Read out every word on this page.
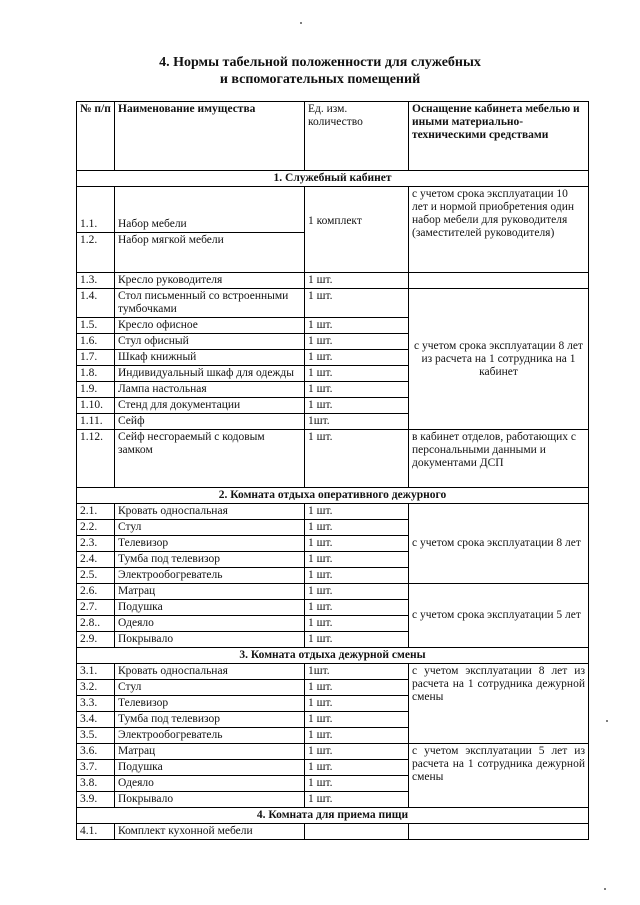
4. Нормы табельной положенности для служебных
и вспомогательных помещений
№ п/п	Наименование имущества	Ед. изм. количество	Оснащение кабинета мебелью и иными материально-техническими средствами
1. Служебный кабинет			
1.1.	Набор мебели	1 комплект	с учетом срока эксплуатации 10 лет и нормой приобретения один набор мебели для руководителя (заместителей руководителя)
1.2.	Набор мягкой мебели		
1.3.	Кресло руководителя	1 шт.	
1.4.	Стол письменный со встроенными тумбочками	1 шт.	с учетом срока эксплуатации 8 лет из расчета на 1 сотрудника на 1 кабинет
1.5.	Кресло офисное	1 шт.	
1.6.	Стул офисный	1 шт.	
1.7.	Шкаф книжный	1 шт.	
1.8.	Индивидуальный шкаф для одежды	1 шт.	
1.9.	Лампа настольная	1 шт.	
1.10.	Стенд для документации	1 шт.	
1.11.	Сейф	1шт.	
1.12.	Сейф несгораемый с кодовым замком	1 шт.	в кабинет отделов, работающих с персональными данными и документами ДСП
2. Комната отдыха оперативного дежурного			
2.1.	Кровать односпальная	1 шт.	с учетом срока эксплуатации 8 лет
2.2.	Стул	1 шт.	
2.3.	Телевизор	1 шт.	
2.4.	Тумба под телевизор	1 шт.	
2.5.	Электрообогреватель	1 шт.	
2.6.	Матрац	1 шт.	с учетом срока эксплуатации 5 лет
2.7.	Подушка	1 шт.	
2.8..	Одеяло	1 шт.	
2.9.	Покрывало	1 шт.	
3. Комната отдыха дежурной смены			
3.1.	Кровать односпальная	1шт.	с учетом эксплуатации 8 лет из расчета на 1 сотрудника дежурной смены
3.2.	Стул	1 шт.	
3.3.	Телевизор	1 шт.	
3.4.	Тумба под телевизор	1 шт.	
3.5.	Электрообогреватель	1 шт.	
3.6.	Матрац	1 шт.	с учетом эксплуатации 5 лет из расчета на 1 сотрудника дежурной смены
3.7.	Подушка	1 шт.	
3.8.	Одеяло	1 шт.	
3.9.	Покрывало	1 шт.	
4. Комната для приема пищи			
4.1.	Комплект кухонной мебели		
